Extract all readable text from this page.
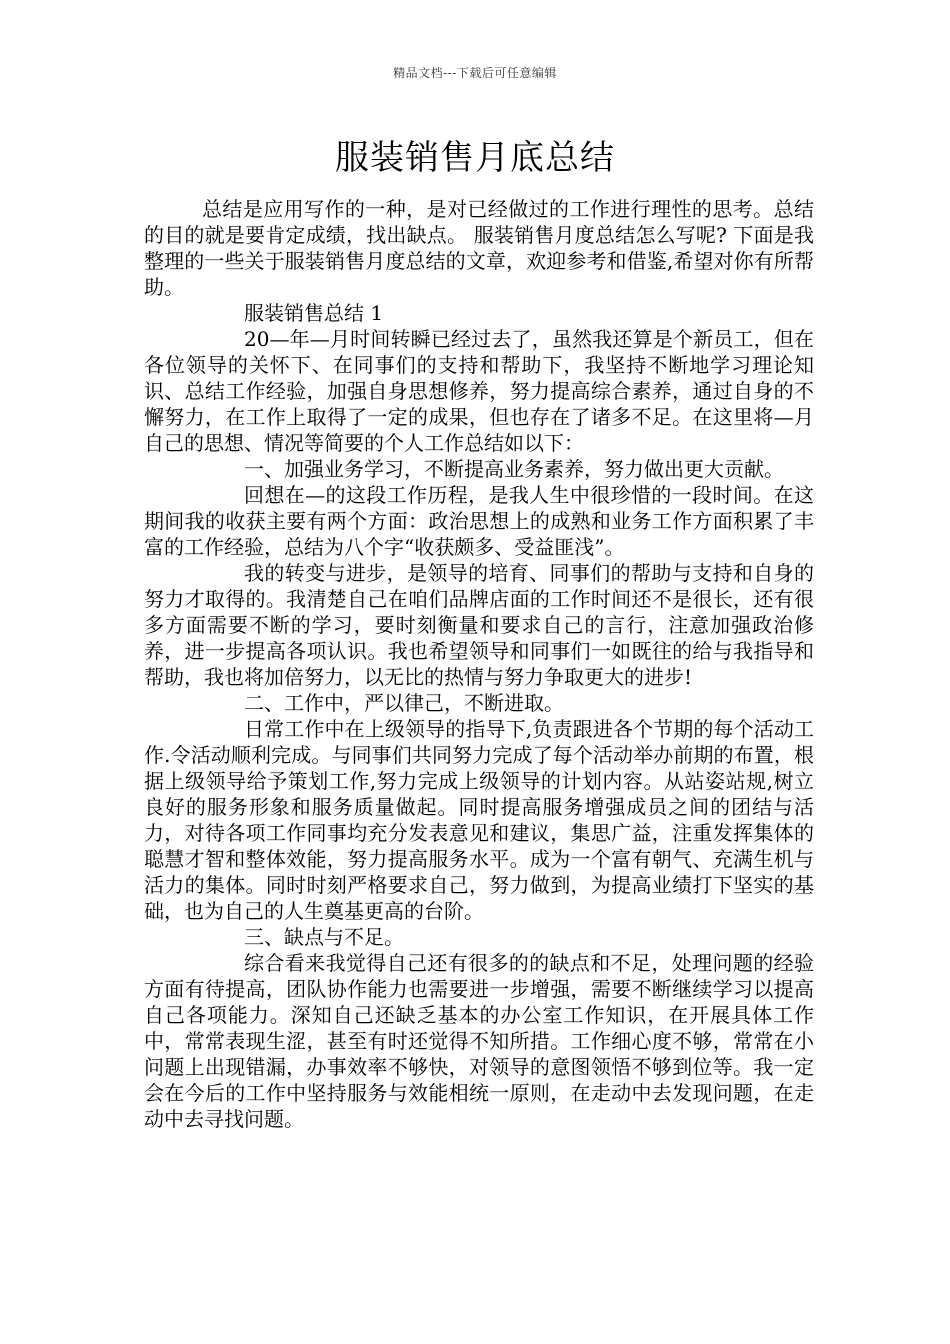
精品文档---下载后可任意编辑
服装销售月底总结

总结是应用写作的一种，是对已经做过的工作进行理性的思考。总结的目的就是要肯定成绩，找出缺点。 服装销售月度总结怎么写呢? 下面是我整理的一些关于服装销售月度总结的文章，欢迎参考和借鉴,希望对你有所帮助。

服装销售总结 1

20—年—月时间转瞬已经过去了，虽然我还算是个新员工，但在各位领导的关怀下、在同事们的支持和帮助下，我坚持不断地学习理论知识、总结工作经验，加强自身思想修养，努力提高综合素养，通过自身的不懈努力，在工作上取得了一定的成果，但也存在了诸多不足。在这里将—月自己的思想、情况等简要的个人工作总结如以下：

一、加强业务学习，不断提高业务素养，努力做出更大贡献。

回想在—的这段工作历程，是我人生中很珍惜的一段时间。在这期间我的收获主要有两个方面：政治思想上的成熟和业务工作方面积累了丰富的工作经验，总结为八个字“收获颇多、受益匪浅”。

我的转变与进步，是领导的培育、同事们的帮助与支持和自身的努力才取得的。我清楚自己在咱们品牌店面的工作时间还不是很长，还有很多方面需要不断的学习，要时刻衡量和要求自己的言行，注意加强政治修养，进一步提高各项认识。我也希望领导和同事们一如既往的给与我指导和帮助，我也将加倍努力，以无比的热情与努力争取更大的进步!

二、工作中，严以律己，不断进取。

日常工作中在上级领导的指导下,负责跟进各个节期的每个活动工作.令活动顺利完成。与同事们共同努力完成了每个活动举办前期的布置，根据上级领导给予策划工作,努力完成上级领导的计划内容。从站姿站规,树立良好的服务形象和服务质量做起。同时提高服务增强成员之间的团结与活力，对待各项工作同事均充分发表意见和建议，集思广益，注重发挥集体的聪慧才智和整体效能，努力提高服务水平。成为一个富有朝气、充满生机与活力的集体。同时时刻严格要求自己，努力做到，为提高业绩打下坚实的基础，也为自己的人生奠基更高的台阶。

三、缺点与不足。

综合看来我觉得自己还有很多的的缺点和不足，处理问题的经验方面有待提高，团队协作能力也需要进一步增强，需要不断继续学习以提高自己各项能力。深知自己还缺乏基本的办公室工作知识，在开展具体工作中，常常表现生涩，甚至有时还觉得不知所措。工作细心度不够，常常在小问题上出现错漏，办事效率不够快，对领导的意图领悟不够到位等。我一定会在今后的工作中坚持服务与效能相统一原则，在走动中去发现问题，在走动中去寻找问题。
